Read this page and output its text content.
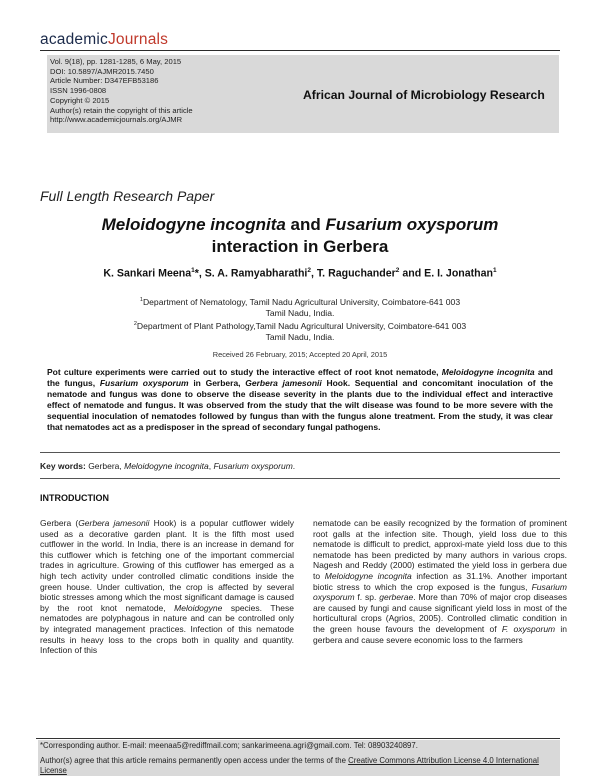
academicJournals
Vol. 9(18), pp. 1281-1285, 6 May, 2015
DOI: 10.5897/AJMR2015.7450
Article Number: D347EFB53186
ISSN 1996-0808
Copyright © 2015
Author(s) retain the copyright of this article
http://www.academicjournals.org/AJMR
African Journal of Microbiology Research
Full Length Research Paper
Meloidogyne incognita and Fusarium oxysporum
interaction in Gerbera
K. Sankari Meena$^1$*, S. A. Ramyabharathi$^2$, T. Raguchander$^2$ and E. I. Jonathan$^1$
$^1$Department of Nematology, Tamil Nadu Agricultural University, Coimbatore-641 003
Tamil Nadu, India.
$^2$Department of Plant Pathology,Tamil Nadu Agricultural University, Coimbatore-641 003
Tamil Nadu, India.
Received 26 February, 2015; Accepted 20 April, 2015
Pot culture experiments were carried out to study the interactive effect of root knot nematode, Meloidogyne incognita and the fungus, Fusarium oxysporum in Gerbera, Gerbera jamesonii Hook. Sequential and concomitant inoculation of the nematode and fungus was done to observe the disease severity in the plants due to the individual effect and interactive effect of nematode and fungus. It was observed from the study that the wilt disease was found to be more severe with the sequential inoculation of nematodes followed by fungus than with the fungus alone treatment. From the study, it was clear that nematodes act as a predisposer in the spread of secondary fungal pathogens.
Key words: Gerbera, Meloidogyne incognita, Fusarium oxysporum.
INTRODUCTION
Gerbera (Gerbera jamesonii Hook) is a popular cutflower widely used as a decorative garden plant. It is the fifth most used cutflower in the world. In India, there is an increase in demand for this cutflower which is fetching one of the important commercial trades in agriculture. Growing of this cutflower has emerged as a high tech activity under controlled climatic conditions inside the green house. Under cultivation, the crop is affected by several biotic stresses among which the most significant damage is caused by the root knot nematode, Meloidogyne species. These nematodes are polyphagous in nature and can be controlled only by integrated management practices. Infection of this nematode results in heavy loss to the crops both in quality and quantity. Infection of this
nematode can be easily recognized by the formation of prominent root galls at the infection site. Though, yield loss due to this nematode is difficult to predict, approxi-mate yield loss due to this nematode has been predicted by many authors in various crops. Nagesh and Reddy (2000) estimated the yield loss in gerbera due to Meloidogyne incognita infection as 31.1%. Another important biotic stress to which the crop exposed is the fungus, Fusarium oxysporum f. sp. gerberae. More than 70% of major crop diseases are caused by fungi and cause significant yield loss in most of the horticultural crops (Agrios, 2005). Controlled climatic condition in the green house favours the development of F. oxysporum in gerbera and cause severe economic loss to the farmers
*Corresponding author. E-mail: meenaa5@rediffmail.com; sankarimeena.agri@gmail.com. Tel: 08903240897.
Author(s) agree that this article remains permanently open access under the terms of the Creative Commons Attribution License 4.0 International License
